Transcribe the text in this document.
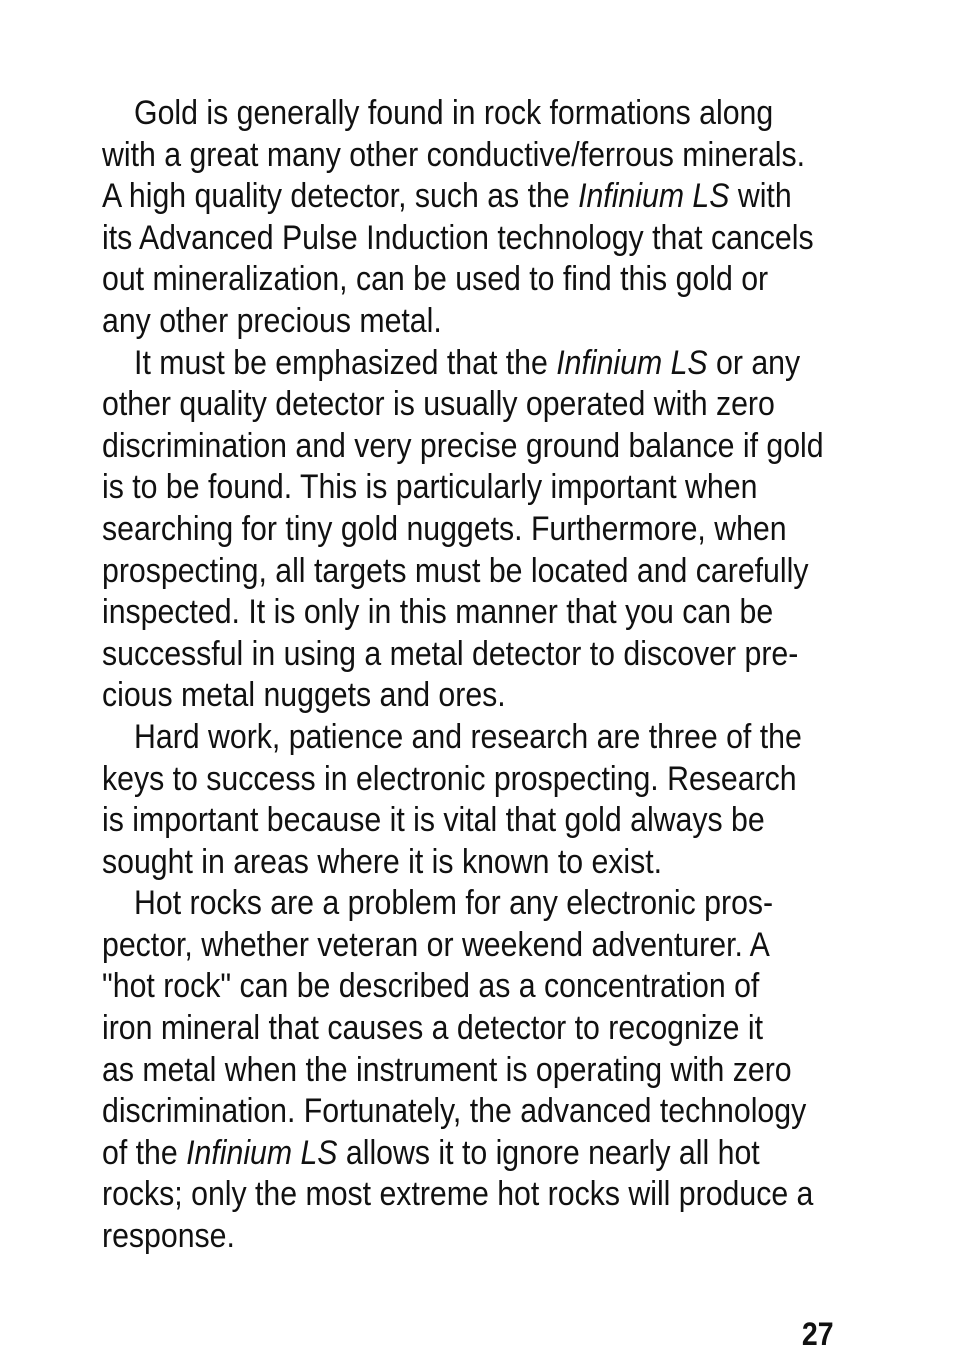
Gold is generally found in rock formations along
with a great many other conductive/ferrous minerals.
A high quality detector, such as the Infinium LS with
its Advanced Pulse Induction technology that cancels
out mineralization, can be used to find this gold or
any other precious metal.

It must be emphasized that the Infinium LS or any
other quality detector is usually operated with zero
discrimination and very precise ground balance if gold
is to be found. This is particularly important when
searching for tiny gold nuggets. Furthermore, when
prospecting, all targets must be located and carefully
inspected. It is only in this manner that you can be
successful in using a metal detector to discover pre-
cious metal nuggets and ores.

Hard work, patience and research are three of the
keys to success in electronic prospecting. Research
is important because it is vital that gold always be
sought in areas where it is known to exist.

Hot rocks are a problem for any electronic pros-
pector, whether veteran or weekend adventurer. A
"hot rock" can be described as a concentration of
iron mineral that causes a detector to recognize it
as metal when the instrument is operating with zero
discrimination. Fortunately, the advanced technology
of the Infinium LS allows it to ignore nearly all hot
rocks; only the most extreme hot rocks will produce a
response.

27
